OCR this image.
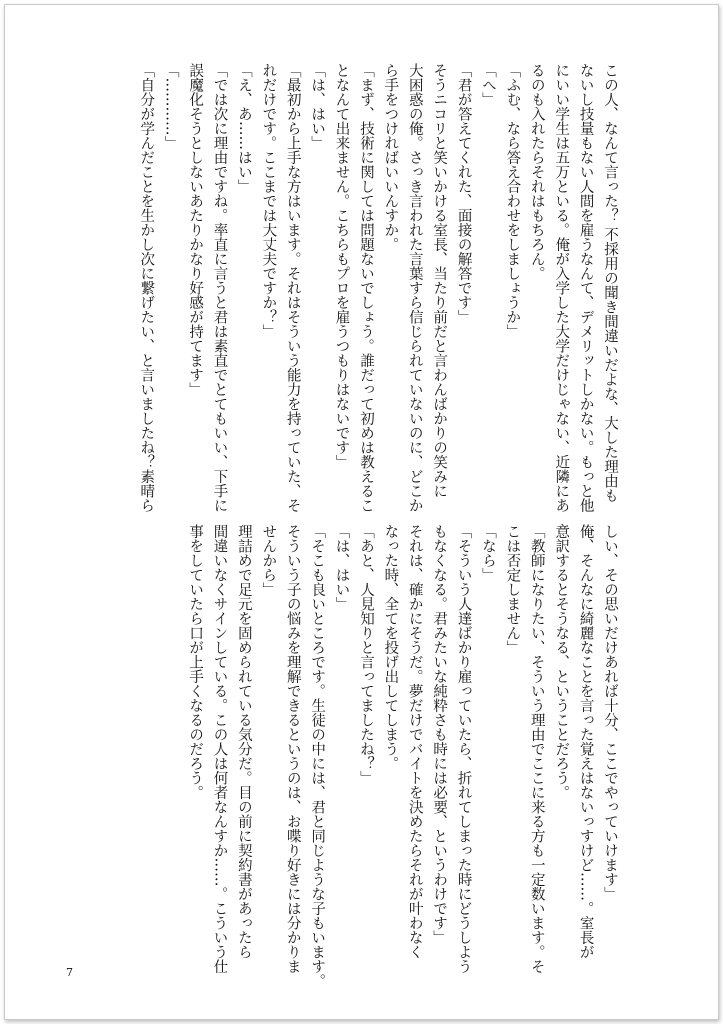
この人、なんて言った？ 不採用の聞き間違いだよな、大した理由も

ないし技量もない人間を雇うなんて、デメリットしかない。もっと他

にいい学生は五万といる。俺が入学した大学だけじゃない、近隣にあ

るのも入れたらそれはもちろん。

「ふむ、なら答え合わせをしましょうか」

「へ」

「君が答えてくれた、面接の解答です」

そうニコリと笑いかける室長、当たり前だと言わんばかりの笑みに

大困惑の俺。さっき言われた言葉すら信じられていないのに、どこか

ら手をつければいいんすか。

「まず、技術に関しては問題ないでしょう。誰だって初めは教えるこ

となんて出来ません。こちらもプロを雇うつもりはないです」

「は、はい」

「最初から上手な方はいます。それはそういう能力を持っていた、そ

れだけです。ここまでは大丈夫ですか？」

「え、あ……はい」

「では次に理由ですね。率直に言うと君は素直でとてもいい、下手に

誤魔化そうとしないあたりかなり好感が持てます」

「…………」

「自分が学んだことを生かし次に繋げたい、と言いましたね？素晴ら

しい、その思いだけあれば十分、ここでやっていけます」

俺、そんなに綺麗なことを言った覚えはないっすけど……。室長が

意訳するとそうなる、ということだろう。

「教師になりたい、そういう理由でここに来る方も一定数います。そ

こは否定しません」

「なら」

「そういう人達ばかり雇っていたら、折れてしまった時にどうしよう

もなくなる。君みたいな純粋さも時には必要、というわけです」

それは、確かにそうだ。夢だけでバイトを決めたらそれが叶わなく

なった時、全てを投げ出してしまう。

「あと、人見知りと言ってましたね？」

「は、はい」

「そこも良いところです。生徒の中には、君と同じような子もいます。

そういう子の悩みを理解できるというのは、お喋り好きには分かりま

せんから」

理詰めで足元を固められている気分だ。目の前に契約書があったら

間違いなくサインしている。この人は何者なんすか……。こういう仕

事をしていたら口が上手くなるのだろう。

7
